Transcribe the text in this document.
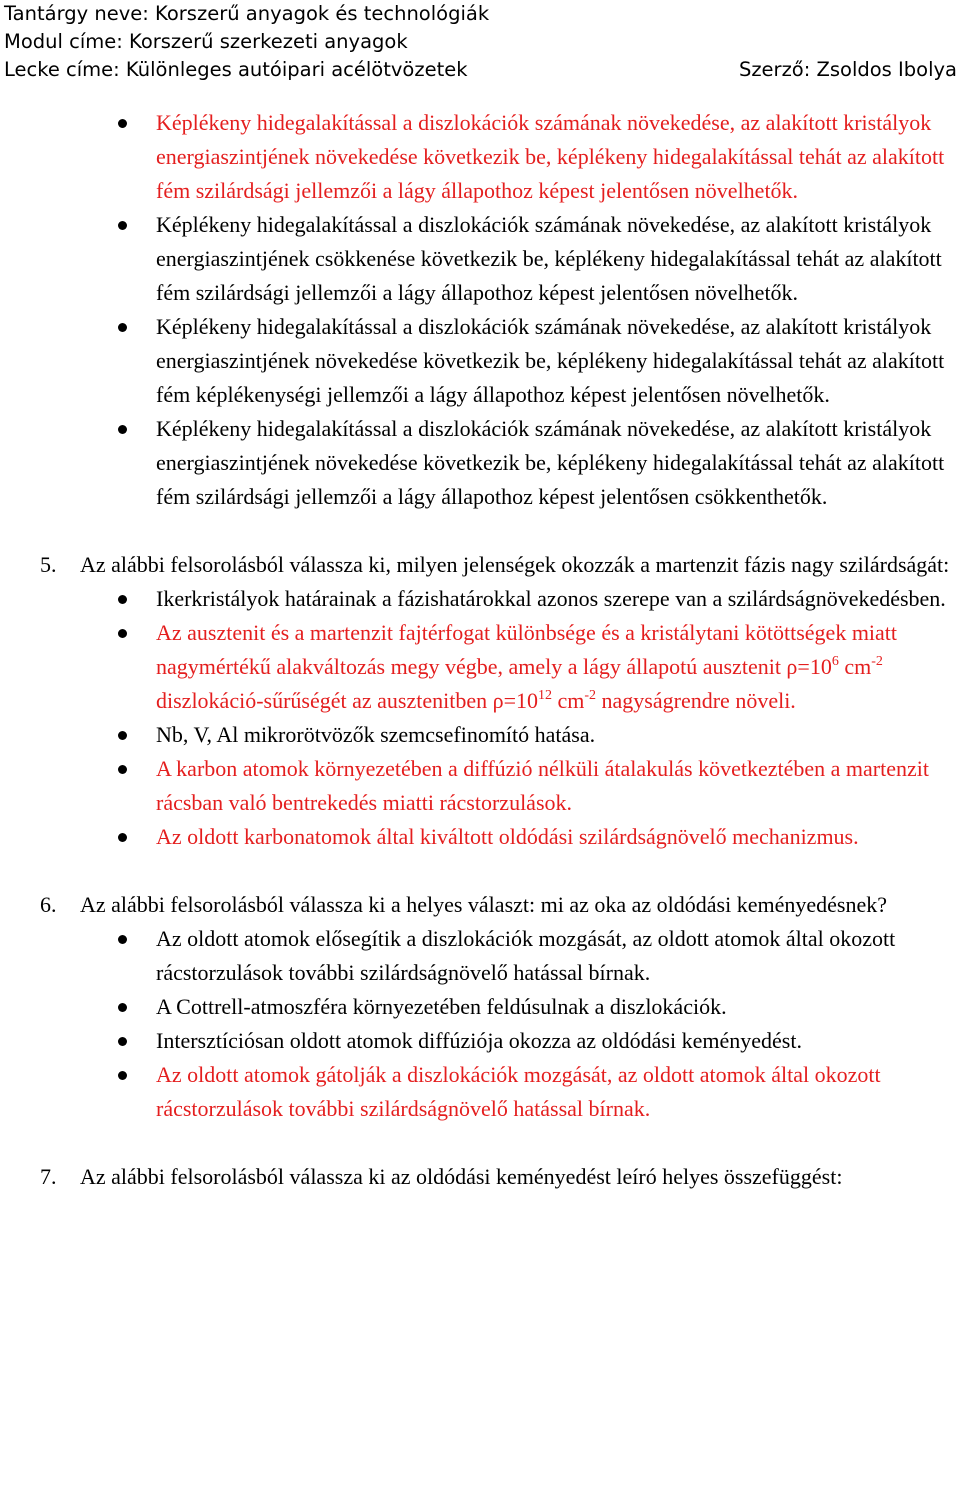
Tantárgy neve: Korszerű anyagok és technológiák
Modul címe: Korszerű szerkezeti anyagok
Lecke címe: Különleges autóipari acélötvözetek	Szerző: Zsoldos Ibolya
Képlékeny hidegalakítással a diszlokációk számának növekedése, az alakított kristályok energiaszintjének növekedése következik be, képlékeny hidegalakítással tehát az alakított fém szilárdsági jellemzői a lágy állapothoz képest jelentősen növelhetők.
Képlékeny hidegalakítással a diszlokációk számának növekedése, az alakított kristályok energiaszintjének csökkenése következik be, képlékeny hidegalakítással tehát az alakított fém szilárdsági jellemzői a lágy állapothoz képest jelentősen növelhetők.
Képlékeny hidegalakítással a diszlokációk számának növekedése, az alakított kristályok energiaszintjének növekedése következik be, képlékeny hidegalakítással tehát az alakított fém képlékenységi jellemzői a lágy állapothoz képest jelentősen növelhetők.
Képlékeny hidegalakítással a diszlokációk számának növekedése, az alakított kristályok energiaszintjének növekedése következik be, képlékeny hidegalakítással tehát az alakított fém szilárdsági jellemzői a lágy állapothoz képest jelentősen csökkenthetők.
5. Az alábbi felsorolásból válassza ki, milyen jelenségek okozzák a martenzit fázis nagy szilárdságát:
Ikerkristályok határainak a fázishatárokkal azonos szerepe van a szilárdságnövekedésben.
Az ausztenit és a martenzit fajtérfogat különbsége és a kristálytani kötöttségek miatt nagymértékű alakváltozás megy végbe, amely a lágy állapotú ausztenit $\rho=10^6$ $cm^{-2}$ diszlokáció-sűrűségét az ausztenitben $\rho=10^{12}$ $cm^{-2}$ nagyságrendre növeli.
Nb, V, Al mikrorötvözők szemcsefinomító hatása.
A karbon atomok környezetében a diffúzió nélküli átalakulás következtében a martenzit rácsban való bentrekedés miatti rácstorzulások.
Az oldott karbonatomok által kiváltott oldódási szilárdságnövelő mechanizmus.
6. Az alábbi felsorolásból válassza ki a helyes választ: mi az oka az oldódási keményedésnek?
Az oldott atomok elősegítik a diszlokációk mozgását, az oldott atomok által okozott rácstorzulások további szilárdságnövelő hatással bírnak.
A Cottrell-atmoszféra környezetében feldúsulnak a diszlokációk.
Intersztíciósan oldott atomok diffúziója okozza az oldódási keményedést.
Az oldott atomok gátolják a diszlokációk mozgását, az oldott atomok által okozott rácstorzulások további szilárdságnövelő hatással bírnak.
7. Az alábbi felsorolásból válassza ki az oldódási keményedést leíró helyes összefüggést:
